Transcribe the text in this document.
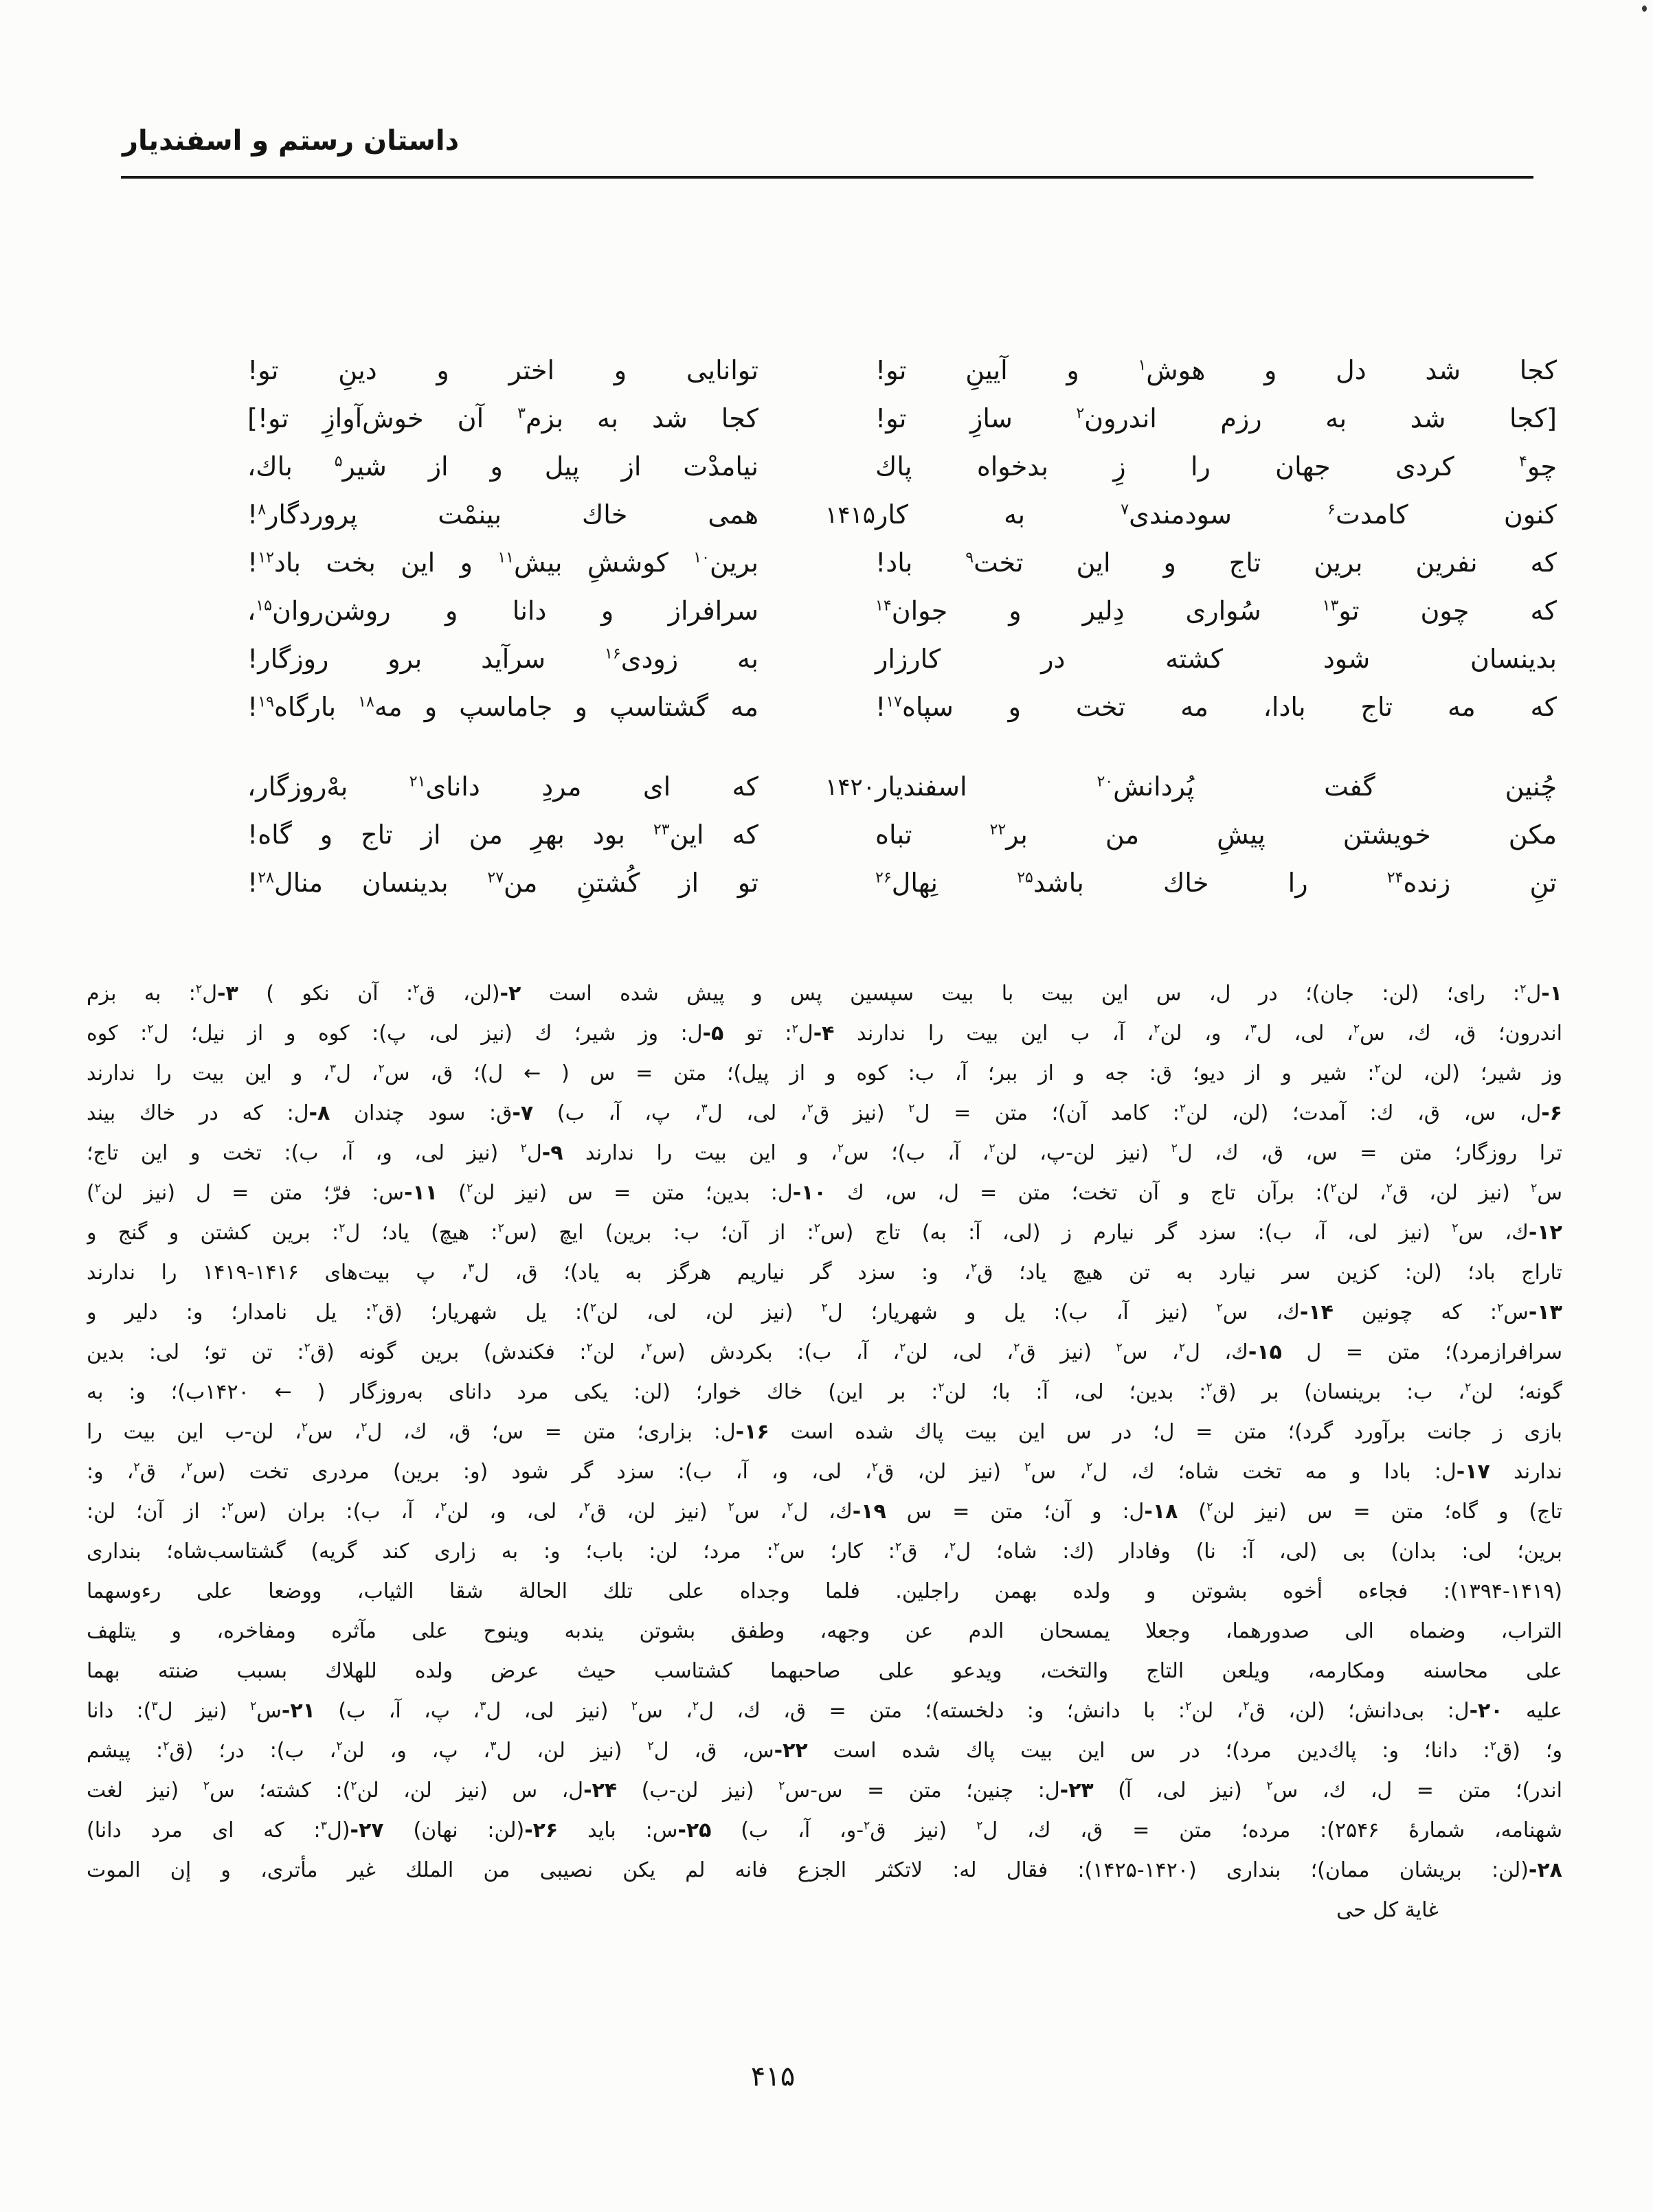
داستان رستم و اسفنديار
كجا
شد
دل
و
هوش$^۱$
و
آيينِ
تو!
توانايى
و
اختر
و
دينِ
تو!
[كجا
شد
به
رزم
اندرون$^۲$
سازِ
تو!
كجا
شد
به
بزم$^۳$
آن
خوش‌آوازِ
تو!]
چو$^۴$
كردى
جهان
را
زِ
بدخواه
پاك
نيامدْت
از
پيل
و
از
شير$^۵$
باك،
كنون
كامدت$^۶$
سودمندى$^۷$
به
كار
۱۴۱۵
همى
خاك
بينمْت
پروردگار$^۸$!
كه
نفرين
برين
تاج
و
اين
تخت$^۹$
باد!
برين$^{۱۰}$
كوششِ
بيش$^{۱۱}$
و
اين
بخت
باد$^{۱۲}$!
كه
چون
تو$^{۱۳}$
سُوارى
دِلير
و
جوان$^{۱۴}$
سرافراز
و
دانا
و
روشن‌روان$^{۱۵}$،
بدينسان
شود
كشته
در
كارزار
به
زودى$^{۱۶}$
سرآيد
برو
روزگار!
كه
مه
تاج
بادا،
مه
تخت
و
سپاه$^{۱۷}$!
مه
گشتاسپ
و
جاماسپ
و
مه$^{۱۸}$
بارگاه$^{۱۹}$!
چُنين
گفت
پُردانش$^{۲۰}$
اسفنديار
۱۴۲۰
كه
اى
مردِ
داناى$^{۲۱}$
بهْ‌روزگار،
مكن
خويشتن
پيشِ
من
بر$^{۲۲}$
تباه
كه
اين$^{۲۳}$
بود
بهرِ
من
از
تاج
و
گاه!
تنِ
زنده$^{۲۴}$
را
خاك
باشد$^{۲۵}$
نِهال$^{۲۶}$
تو
از
كُشتنِ
من$^{۲۷}$
بدينسان
منال$^{۲۸}$!
۱-ل$^۲$: راى؛ (لن: جان)؛ در ل، س اين بيت با بيت سپسين پس و پيش شده است ۲-(لن، ق$^۲$: آن نكو ) ۳-ل$^۲$: به بزم
اندرون؛ ق، ك، س$^۲$، لى، ل$^۳$، و، لن$^۲$، آ، ب اين بيت را ندارند ۴-ل$^۲$: تو ۵-ل: وز شير؛ ك (نيز لى، پ): كوه و از نيل؛ ل$^۲$: كوه
وز شير؛ (لن، لن$^۲$: شير و از ديو؛ ق: جه و از ببر؛ آ، ب: كوه و از پيل)؛ متن = س ( ← ل)؛ ق، س$^۲$، ل$^۳$، و اين بيت را ندارند
۶-ل، س، ق، ك: آمدت؛ (لن، لن$^۲$: كامد آن)؛ متن = ل$^۲$ (نيز ق$^۲$، لى، ل$^۳$، پ، آ، ب) ۷-ق: سود چندان ۸-ل: كه در خاك بيند
ترا روزگار؛ متن = س، ق، ك، ل$^۲$ (نيز لن-پ، لن$^۲$، آ، ب)؛ س$^۲$، و اين بيت را ندارند ۹-ل$^۲$ (نيز لى، و، آ، ب): تخت و اين تاج؛
س$^۲$ (نيز لن، ق$^۲$، لن$^۲$): برآن تاج و آن تخت؛ متن = ل، س، ك ۱۰-ل: بدين؛ متن = س (نيز لن$^۲$) ۱۱-س: فرّ؛ متن = ل (نيز لن$^۲$)
۱۲-ك، س$^۲$ (نيز لى، آ، ب): سزد گر نيارم ز (لى، آ: به) تاج (س$^۲$: از آن؛ ب: برين) ايچ (س$^۲$: هيچ) ياد؛ ل$^۲$: برين كشتن و گنج و
تاراج باد؛ (لن: كزين سر نيارد به تن هيچ ياد؛ ق$^۲$، و: سزد گر نياريم هرگز به ياد)؛ ق، ل$^۳$، پ بيت‌هاى ۱۴۱۶-۱۴۱۹ را ندارند
۱۳-س$^۲$: كه چونين ۱۴-ك، س$^۲$ (نيز آ، ب): يل و شهريار؛ ل$^۲$ (نيز لن، لى، لن$^۲$): يل شهريار؛ (ق$^۲$: يل نامدار؛ و: دلير و
سرافرازمرد)؛ متن = ل ۱۵-ك، ل$^۲$، س$^۲$ (نيز ق$^۲$، لى، لن$^۲$، آ، ب): بكردش (س$^۲$، لن$^۲$: فكندش) برين گونه (ق$^۲$: تن تو؛ لى: بدين
گونه؛ لن$^۲$، ب: برينسان) بر (ق$^۲$: بدين؛ لى، آ: با؛ لن$^۲$: بر اين) خاك خوار؛ (لن: يكى مرد داناى به‌روزگار ( ← ۱۴۲۰ب)؛ و: به
بازى ز جانت برآورد گرد)؛ متن = ل؛ در س اين بيت پاك شده است ۱۶-ل: بزارى؛ متن = س؛ ق، ك، ل$^۲$، س$^۲$، لن-ب اين بيت را
ندارند ۱۷-ل: بادا و مه تخت شاه؛ ك، ل$^۲$، س$^۲$ (نيز لن، ق$^۲$، لى، و، آ، ب): سزد گر شود (و: برين) مردرى تخت (س$^۲$، ق$^۲$، و:
تاج) و گاه؛ متن = س (نيز لن$^۲$) ۱۸-ل: و آن؛ متن = س ۱۹-ك، ل$^۲$، س$^۲$ (نيز لن، ق$^۲$، لى، و، لن$^۲$، آ، ب): بران (س$^۲$: از آن؛ لن:
برين؛ لى: بدان) بى (لى، آ: نا) وفادار (ك: شاه؛ ل$^۲$، ق$^۲$: كار؛ س$^۲$: مرد؛ لن: باب؛ و: به زارى كند گريه) گشتاسب‌شاه؛ بندارى
(۱۳۹۴-۱۴۱۹): فجاءه أخوه بشوتن و ولده بهمن راجلين. فلما وجداه على تلك الحالة شقا الثياب، ووضعا على رءوسهما
التراب، وضماه الى صدورهما، وجعلا يمسحان الدم عن وجهه، وطفق بشوتن يندبه وينوح على مآثره ومفاخره، و يتلهف
على محاسنه ومكارمه، ويلعن التاج والتخت، ويدعو على صاحبهما كشتاسب حيث عرض ولده للهلاك بسبب ضنته بهما
عليه ۲۰-ل: بى‌دانش؛ (لن، ق$^۲$، لن$^۲$: با دانش؛ و: دلخسته)؛ متن = ق، ك، ل$^۲$، س$^۲$ (نيز لى، ل$^۳$، پ، آ، ب) ۲۱-س$^۲$ (نيز ل$^۳$): دانا
و؛ (ق$^۲$: دانا؛ و: پاك‌دين مرد)؛ در س اين بيت پاك شده است ۲۲-س، ق، ل$^۲$ (نيز لن، ل$^۳$، پ، و، لن$^۲$، ب): در؛ (ق$^۲$: پيشم
اندر)؛ متن = ل، ك، س$^۲$ (نيز لى، آ) ۲۳-ل: چنين؛ متن = س-س$^۲$ (نيز لن-ب) ۲۴-ل، س (نيز لن، لن$^۲$): كشته؛ س$^۲$ (نيز لغت
شهنامه، شمارهٔ ۲۵۴۶): مرده؛ متن = ق، ك، ل$^۲$ (نيز ق$^۲$-و، آ، ب) ۲۵-س: بايد ۲۶-(لن: نهان) ۲۷-(ل$^۳$: كه اى مرد دانا)
۲۸-(لن: بريشان ممان)؛ بندارى (۱۴۲۰-۱۴۲۵): فقال له: لاتكثر الجزع فانه لم يكن نصيبى من الملك غير مأترى، و إن الموت
غاية كل حى
۴۱۵
